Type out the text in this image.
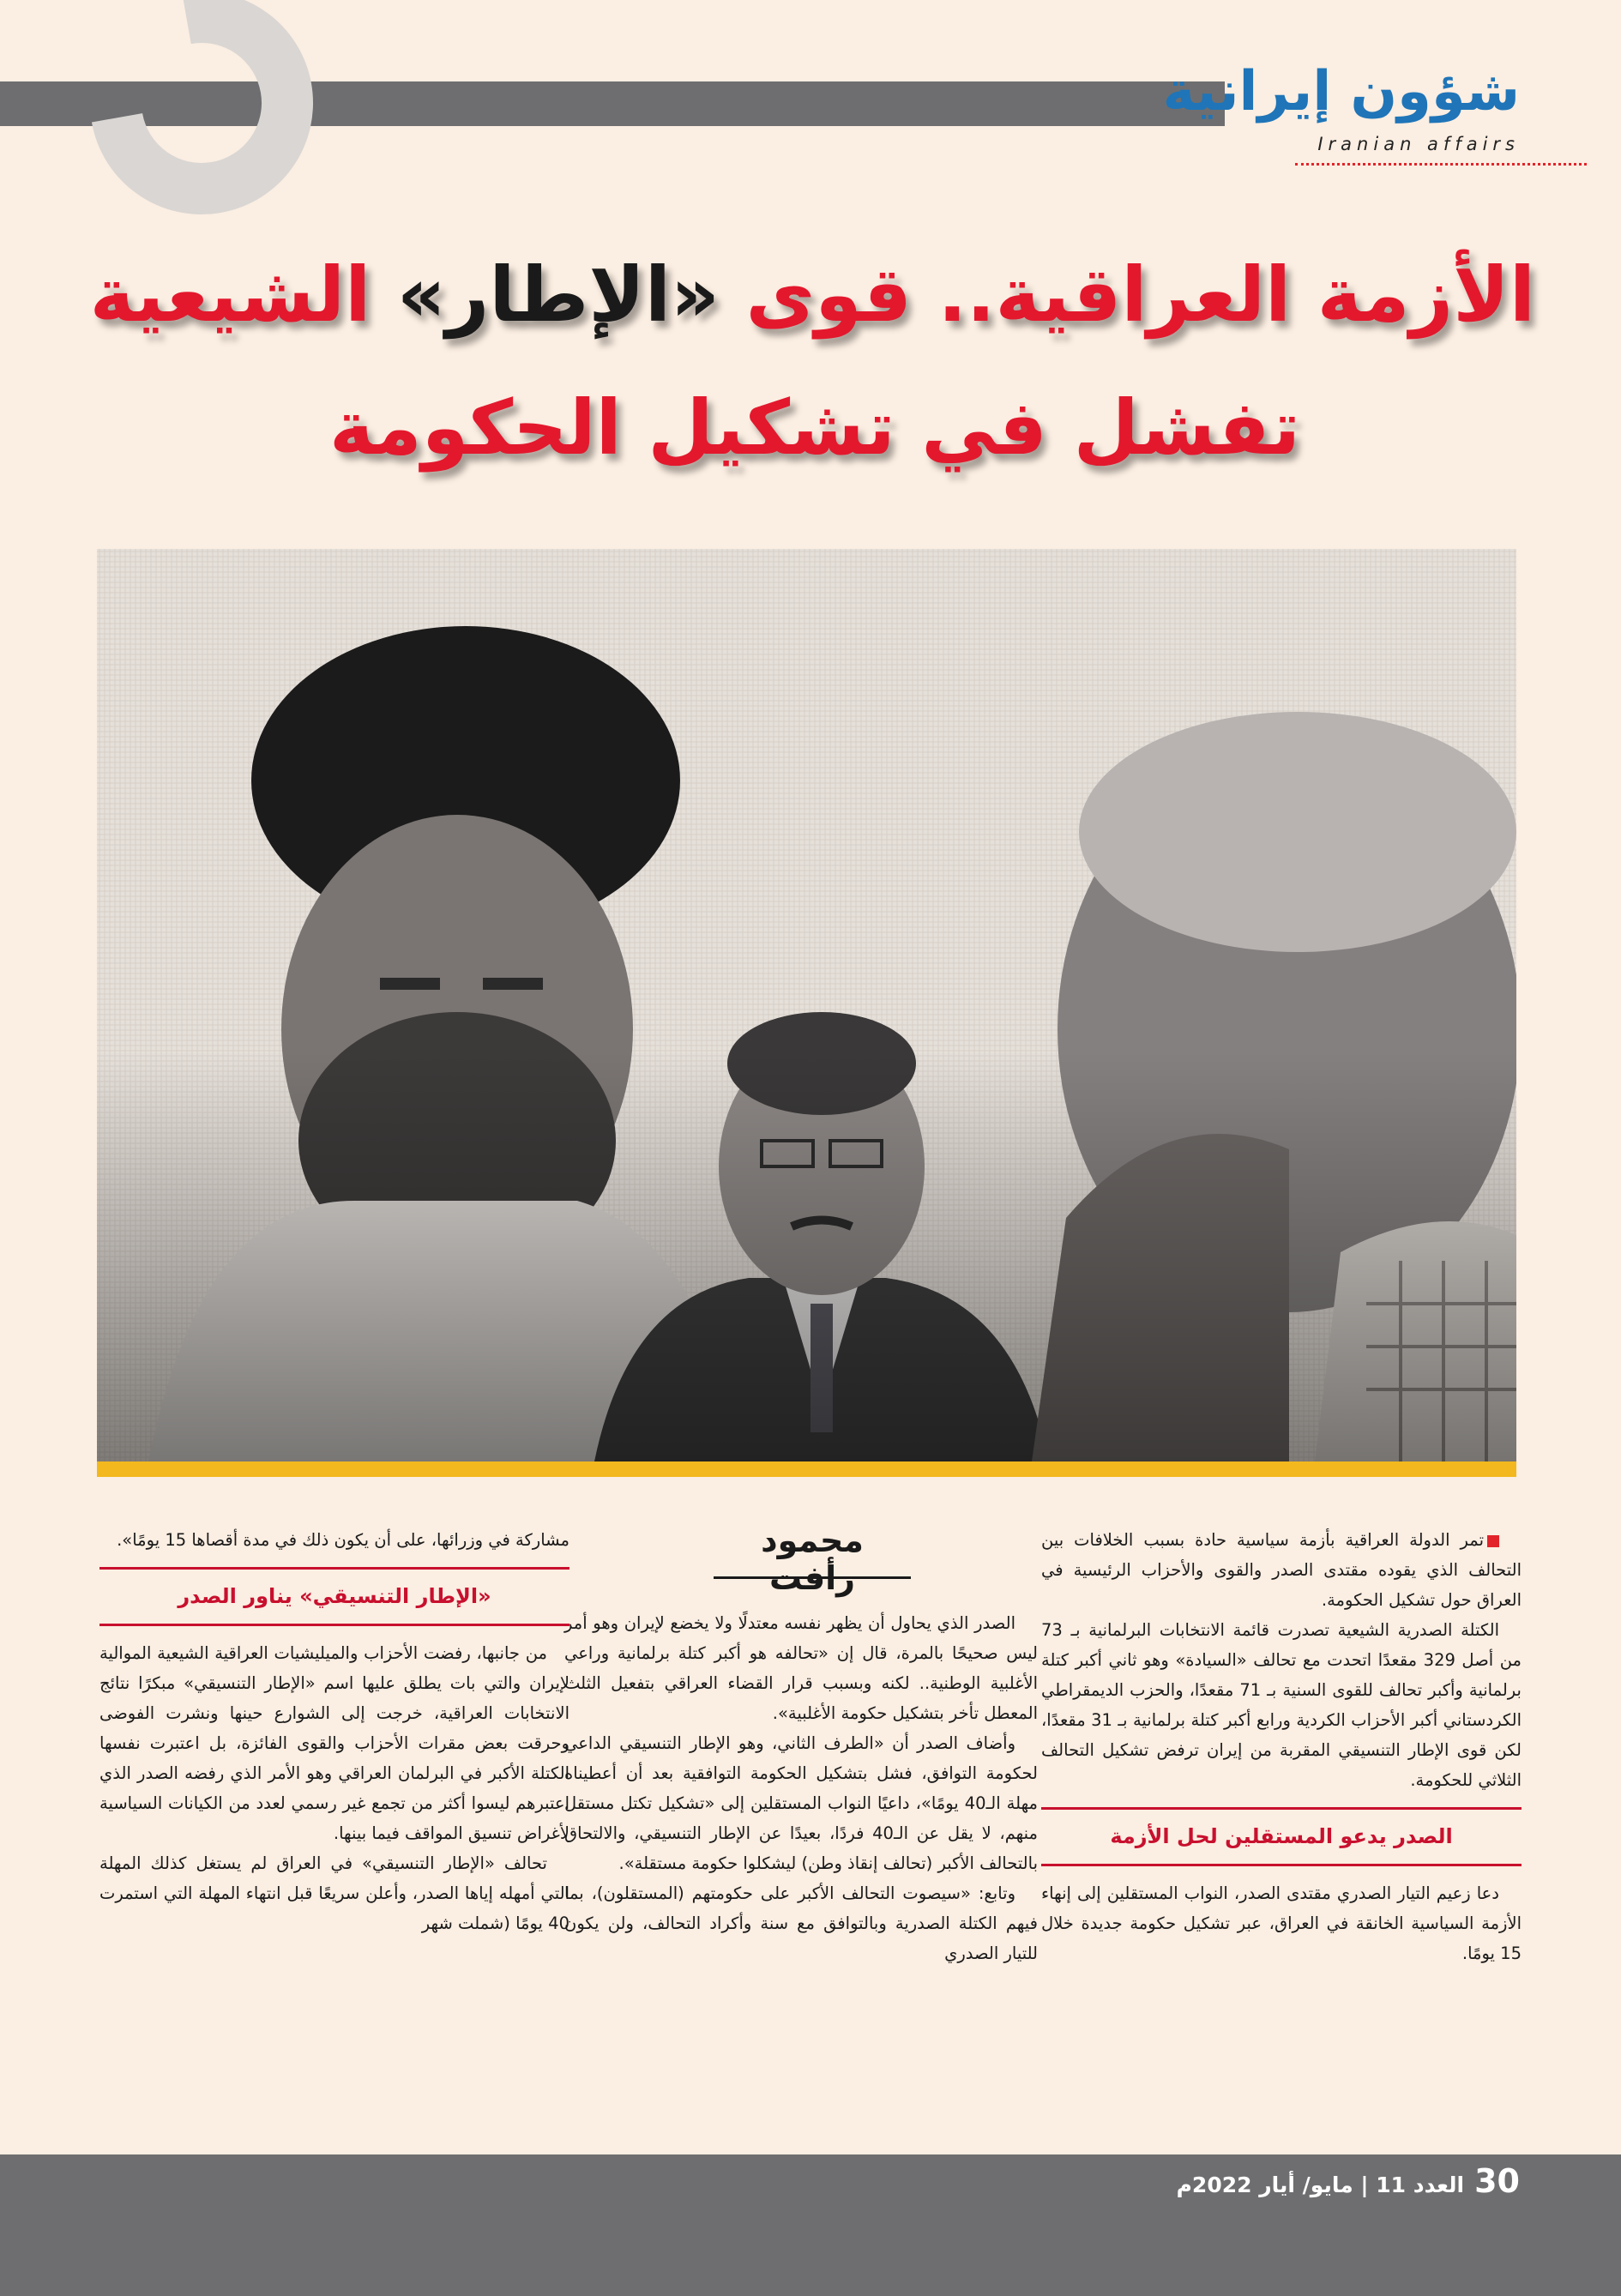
شؤون إيرانية
Iranian affairs
الأزمة العراقية.. قوى «الإطار» الشيعية
تفشل في تشكيل الحكومة
محمود رأفت

تمر الدولة العراقية بأزمة سياسية حادة بسبب الخلافات بين التحالف الذي يقوده مقتدى الصدر والقوى والأحزاب الرئيسية في العراق حول تشكيل الحكومة.

الكتلة الصدرية الشيعية تصدرت قائمة الانتخابات البرلمانية بـ 73 من أصل 329 مقعدًا اتحدت مع تحالف «السيادة» وهو ثاني أكبر كتلة برلمانية وأكبر تحالف للقوى السنية بـ 71 مقعدًا، والحزب الديمقراطي الكردستاني أكبر الأحزاب الكردية ورابع أكبر كتلة برلمانية بـ 31 مقعدًا، لكن قوى الإطار التنسيقي المقربة من إيران ترفض تشكيل التحالف الثلاثي للحكومة.

الصدر يدعو المستقلين لحل الأزمة

دعا زعيم التيار الصدري مقتدى الصدر، النواب المستقلين إلى إنهاء الأزمة السياسية الخانقة في العراق، عبر تشكيل حكومة جديدة خلال 15 يومًا.

الصدر الذي يحاول أن يظهر نفسه معتدلًا ولا يخضع لإيران وهو أمر ليس صحيحًا بالمرة، قال إن «تحالفه هو أكبر كتلة برلمانية وراعي الأغلبية الوطنية.. لكنه وبسبب قرار القضاء العراقي بتفعيل الثلث المعطل تأخر بتشكيل حكومة الأغلبية».

وأضاف الصدر أن «الطرف الثاني، وهو الإطار التنسيقي الداعي لحكومة التوافق، فشل بتشكيل الحكومة التوافقية بعد أن أعطيناه مهلة الـ40 يومًا»، داعيًا النواب المستقلين إلى «تشكيل تكتل مستقل منهم، لا يقل عن الـ40 فردًا، بعيدًا عن الإطار التنسيقي، والالتحاق بالتحالف الأكبر (تحالف إنقاذ وطن) ليشكلوا حكومة مستقلة».

وتابع: «سيصوت التحالف الأكبر على حكومتهم (المستقلون)، بما فيهم الكتلة الصدرية وبالتوافق مع سنة وأكراد التحالف، ولن يكون للتيار الصدري

مشاركة في وزرائها، على أن يكون ذلك في مدة أقصاها 15 يومًا».

«الإطار التنسيقي» يناور الصدر

من جانبها، رفضت الأحزاب والميليشيات العراقية الشيعية الموالية لإيران والتي بات يطلق عليها اسم «الإطار التنسيقي» مبكرًا نتائج الانتخابات العراقية، خرجت إلى الشوارع حينها ونشرت الفوضى وحرقت بعض مقرات الأحزاب والقوى الفائزة، بل اعتبرت نفسها الكتلة الأكبر في البرلمان العراقي وهو الأمر الذي رفضه الصدر الذي اعتبرهم ليسوا أكثر من تجمع غير رسمي لعدد من الكيانات السياسية لأغراض تنسيق المواقف فيما بينها.

تحالف «الإطار التنسيقي» في العراق لم يستغل كذلك المهلة التي أمهله إياها الصدر، وأعلن سريعًا قبل انتهاء المهلة التي استمرت 40 يومًا (شملت شهر

30العدد 11 | مايو/ أيار 2022م
